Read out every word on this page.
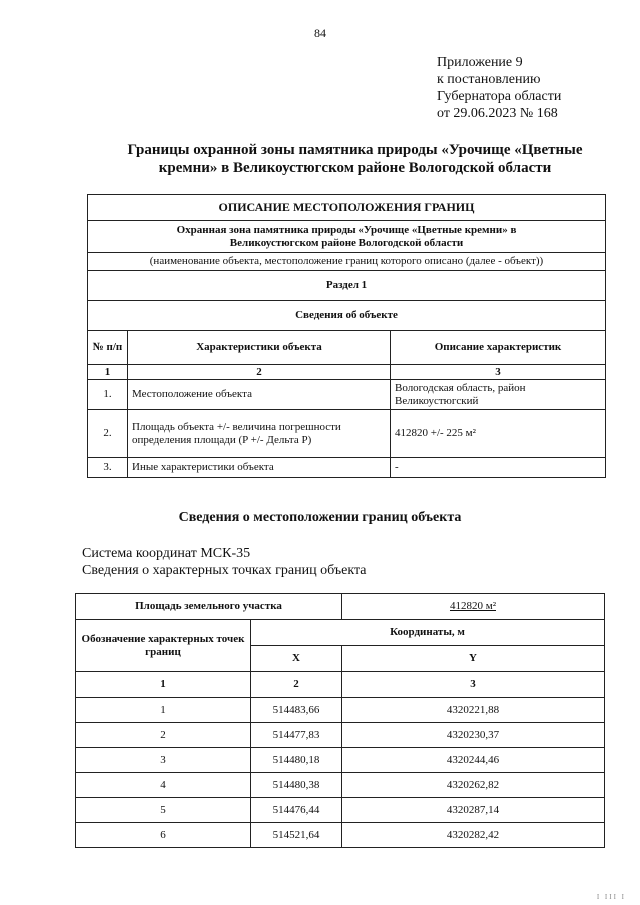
84
Приложение 9
к постановлению
Губернатора области
от 29.06.2023 № 168
Границы охранной зоны памятника природы «Урочище «Цветные
кремни» в Великоустюгском районе Вологодской области
ОПИСАНИЕ МЕСТОПОЛОЖЕНИЯ ГРАНИЦ		

Охранная зона памятника природы «Урочище «Цветные кремни» в
Великоустюгском районе Вологодской области		

(наименование объекта, местоположение границ которого описано (далее - объект))		
Раздел 1		
Сведения об объекте		
№ п/п	Характеристики объекта	Описание характеристик
1	2	3
1.	Местоположение объекта	Вологодская область, район Великоустюгский
2.	Площадь объекта +/- величина погрешности определения площади (P +/- Дельта P)	412820 +/- 225 м²
3.	Иные характеристики объекта	-
Сведения о местоположении границ объекта
Система координат МСК-35
Сведения о характерных точках границ объекта
Площадь земельного участка		412820 м²
Обозначение характерных точек границ	Координаты, м	
	X	Y
1	2	3
1	514483,66	4320221,88
2	514477,83	4320230,37
3	514480,18	4320244,46
4	514480,38	4320262,82
5	514476,44	4320287,14
6	514521,64	4320282,42
I III I
